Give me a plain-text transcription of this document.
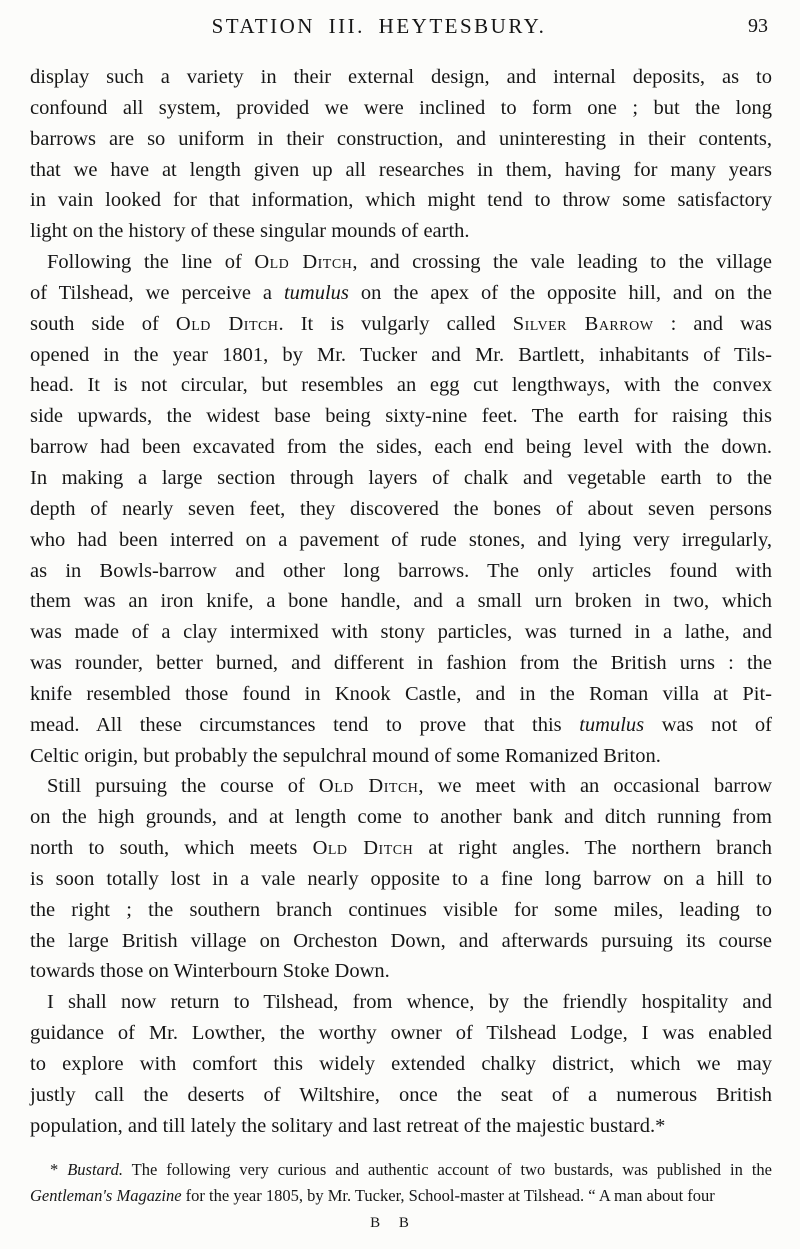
STATION III. HEYTESBURY.	93
display such a variety in their external design, and internal deposits, as to
confound all system, provided we were inclined to form one ; but the long
barrows are so uniform in their construction, and uninteresting in their contents,
that we have at length given up all researches in them, having for many years
in vain looked for that information, which might tend to throw some satisfactory
light on the history of these singular mounds of earth.
Following the line of Old Ditch, and crossing the vale leading to the village
of Tilshead, we perceive a tumulus on the apex of the opposite hill, and on the
south side of Old Ditch. It is vulgarly called Silver Barrow : and was
opened in the year 1801, by Mr. Tucker and Mr. Bartlett, inhabitants of Tils-
head. It is not circular, but resembles an egg cut lengthways, with the convex
side upwards, the widest base being sixty-nine feet. The earth for raising this
barrow had been excavated from the sides, each end being level with the down.
In making a large section through layers of chalk and vegetable earth to the
depth of nearly seven feet, they discovered the bones of about seven persons
who had been interred on a pavement of rude stones, and lying very irregularly,
as in Bowls-barrow and other long barrows. The only articles found with
them was an iron knife, a bone handle, and a small urn broken in two, which
was made of a clay intermixed with stony particles, was turned in a lathe, and
was rounder, better burned, and different in fashion from the British urns : the
knife resembled those found in Knook Castle, and in the Roman villa at Pit-
mead. All these circumstances tend to prove that this tumulus was not of
Celtic origin, but probably the sepulchral mound of some Romanized Briton.
Still pursuing the course of Old Ditch, we meet with an occasional barrow
on the high grounds, and at length come to another bank and ditch running from
north to south, which meets Old Ditch at right angles. The northern branch
is soon totally lost in a vale nearly opposite to a fine long barrow on a hill to
the right ; the southern branch continues visible for some miles, leading to
the large British village on Orcheston Down, and afterwards pursuing its course
towards those on Winterbourn Stoke Down.
I shall now return to Tilshead, from whence, by the friendly hospitality and
guidance of Mr. Lowther, the worthy owner of Tilshead Lodge, I was enabled
to explore with comfort this widely extended chalky district, which we may
justly call the deserts of Wiltshire, once the seat of a numerous British
population, and till lately the solitary and last retreat of the majestic bustard.*
* Bustard. The following very curious and authentic account of two bustards, was published in the
Gentleman's Magazine for the year 1805, by Mr. Tucker, School-master at Tilshead. “ A man about four
B B
